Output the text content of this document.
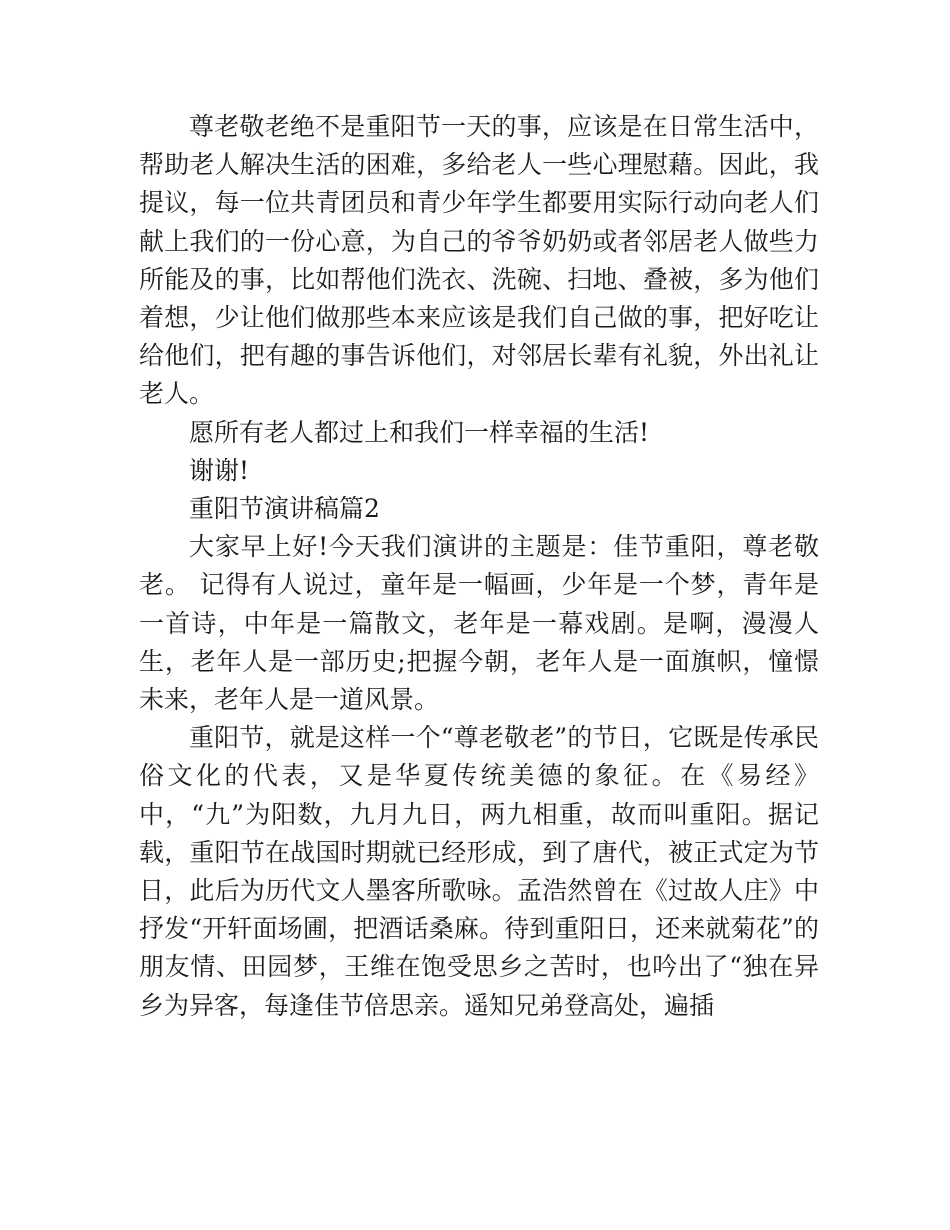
尊老敬老绝不是重阳节一天的事，应该是在日常生活中，帮助老人解决生活的困难，多给老人一些心理慰藉。因此，我提议，每一位共青团员和青少年学生都要用实际行动向老人们献上我们的一份心意，为自己的爷爷奶奶或者邻居老人做些力所能及的事，比如帮他们洗衣、洗碗、扫地、叠被，多为他们着想，少让他们做那些本来应该是我们自己做的事，把好吃让给他们，把有趣的事告诉他们，对邻居长辈有礼貌，外出礼让老人。

愿所有老人都过上和我们一样幸福的生活!

谢谢!

重阳节演讲稿篇2

大家早上好!今天我们演讲的主题是：佳节重阳，尊老敬老。 记得有人说过，童年是一幅画，少年是一个梦，青年是一首诗，中年是一篇散文，老年是一幕戏剧。是啊，漫漫人生，老年人是一部历史;把握今朝，老年人是一面旗帜，憧憬未来，老年人是一道风景。

重阳节，就是这样一个“尊老敬老”的节日，它既是传承民俗文化的代表，又是华夏传统美德的象征。在《易经》中，“九”为阳数，九月九日，两九相重，故而叫重阳。据记载，重阳节在战国时期就已经形成，到了唐代，被正式定为节日，此后为历代文人墨客所歌咏。孟浩然曾在《过故人庄》中抒发“开轩面场圃，把酒话桑麻。待到重阳日，还来就菊花”的朋友情、田园梦，王维在饱受思乡之苦时，也吟出了“独在异乡为异客，每逢佳节倍思亲。遥知兄弟登高处，遍插
